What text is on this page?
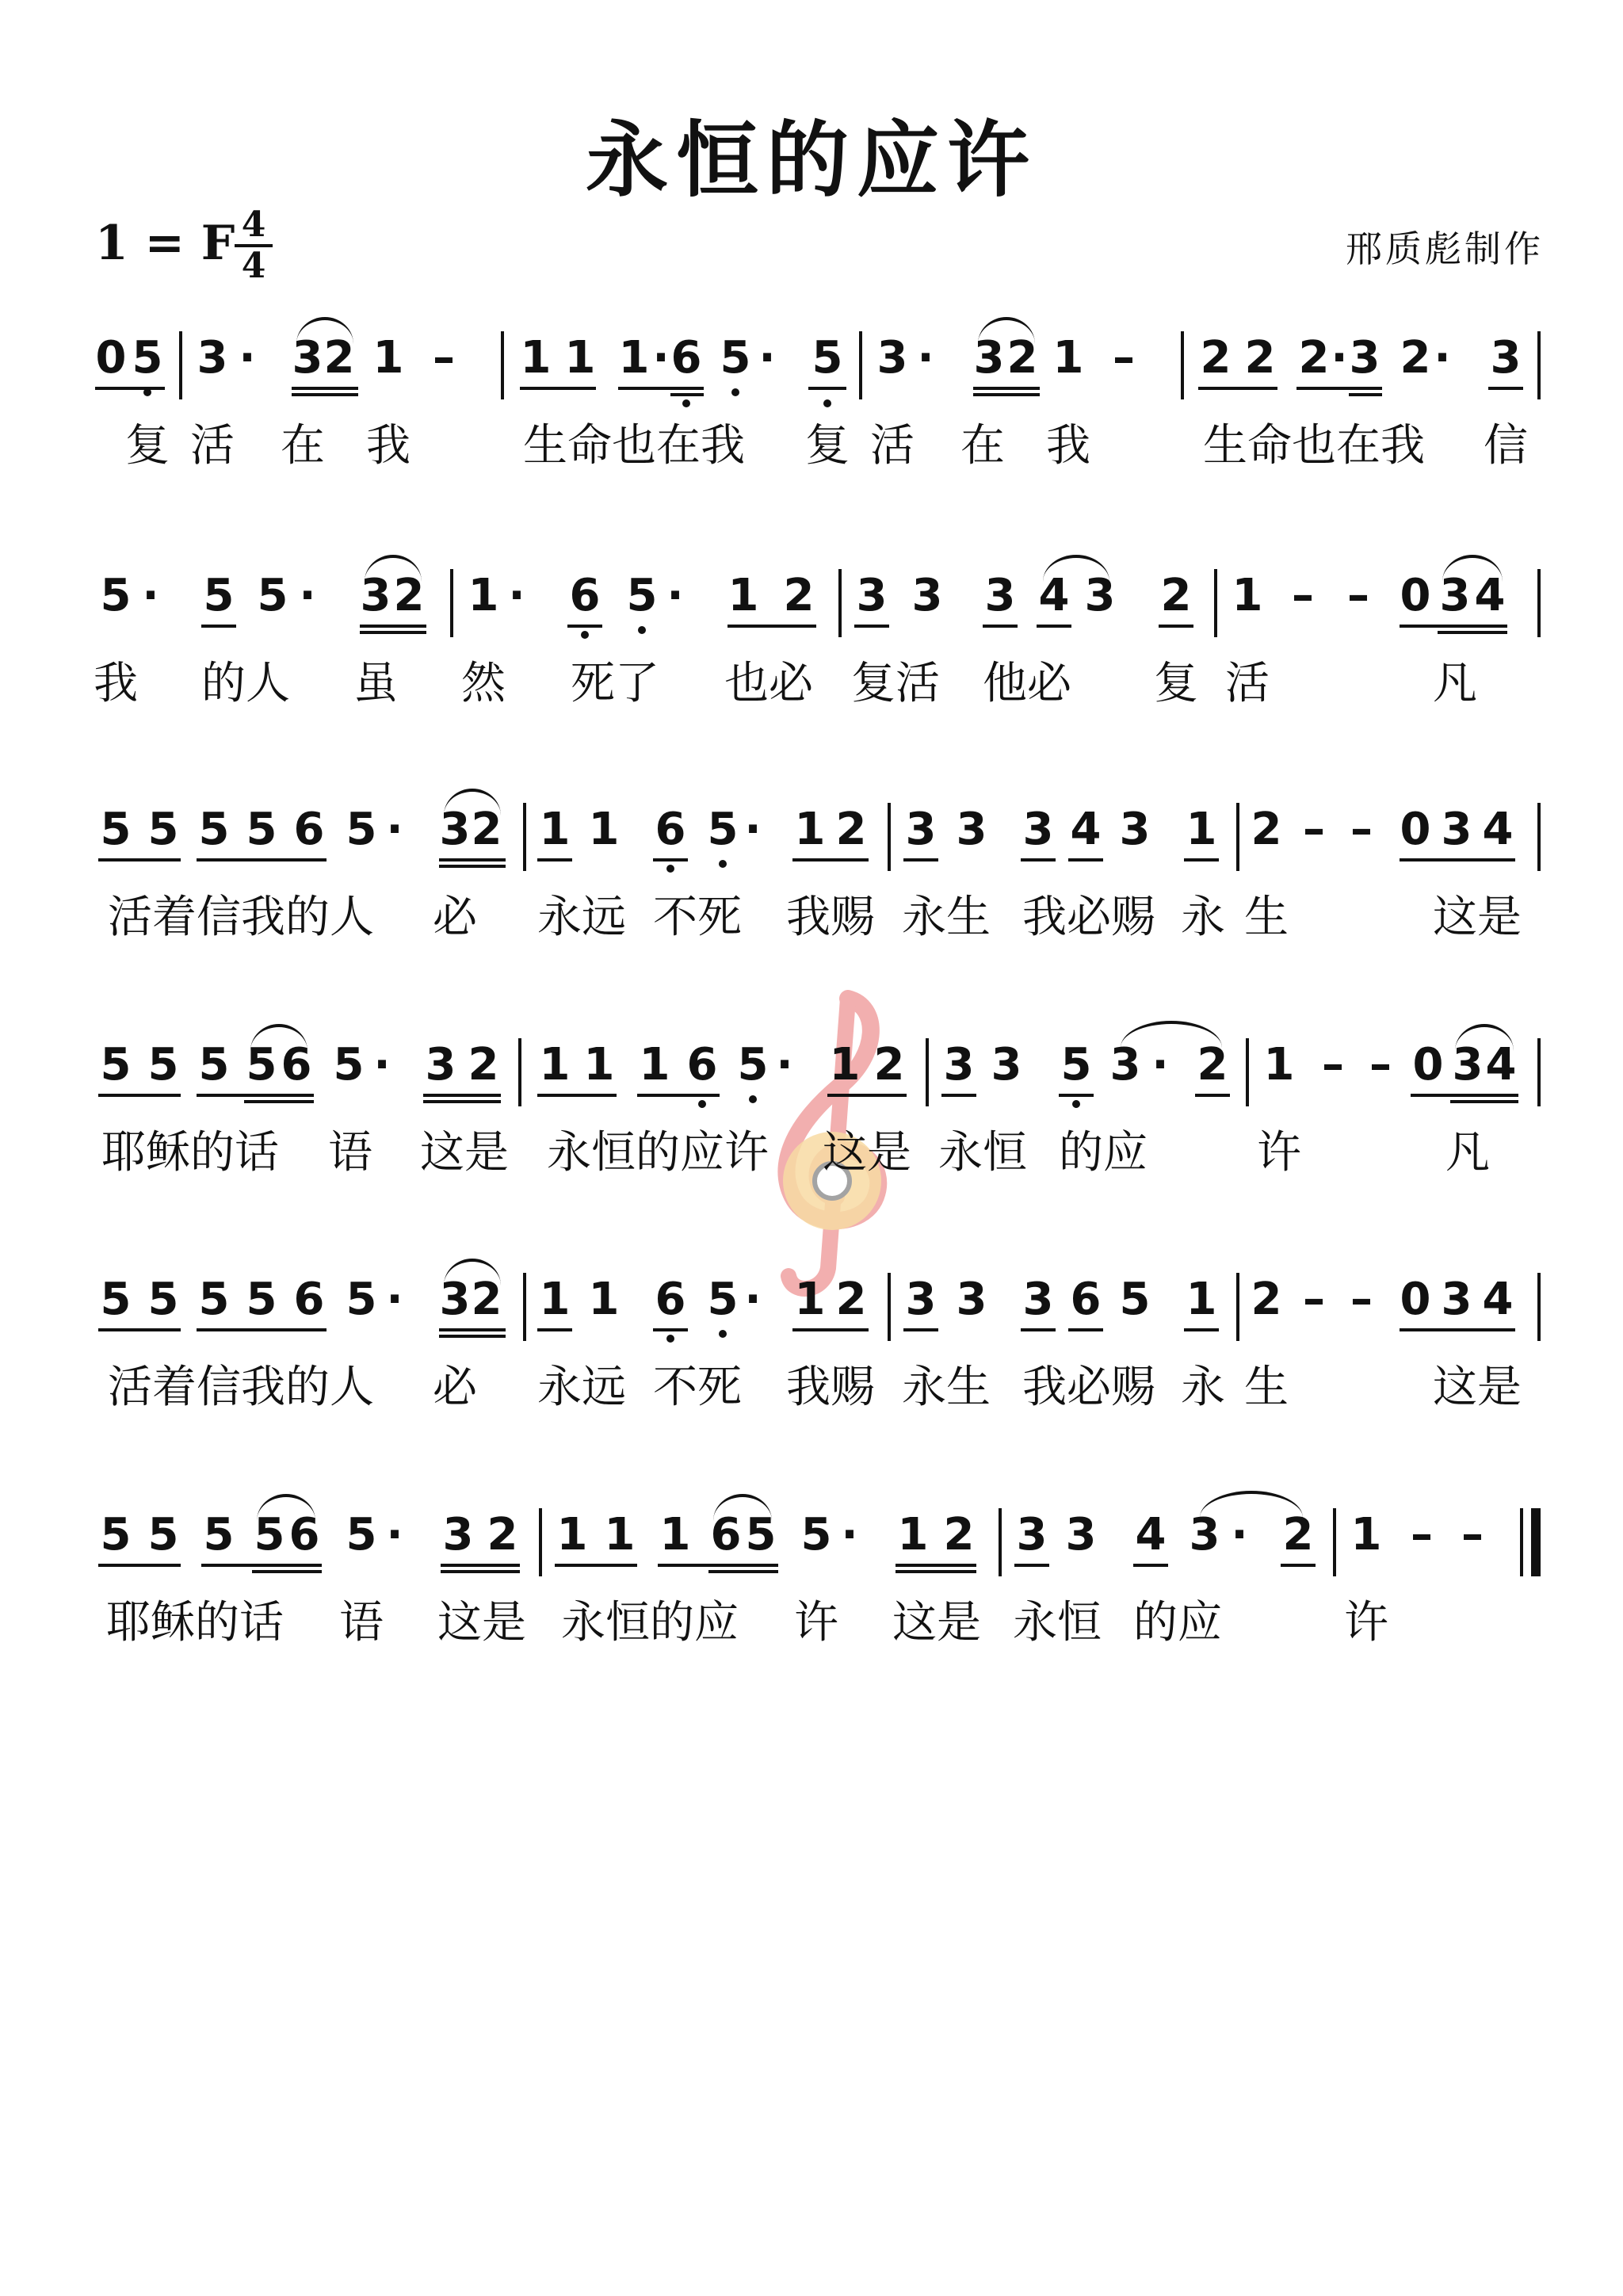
永恒的应许
1 = F 4
4	邢质彪制作
0 5 3 · 3 2 1 – 1 1 1 · 6 5 · 5 3 · 3 2 1 – 2 2 2 · 3 2 · 3
复 活 在 我	生命也在我 复 活 在 我	生命也在我 信
5 · 5 5 · 3 2 1 · 6 5 · 1 2 3 3 3 4 3 2 1 – – 0 3 4
我 的人 虽 然 死了 也必 复活 他必 复 活	凡
5 5 5 5 6 5 · 3 2 1 1 6 5 · 1 2 3 3 3 4 3 1 2 – – 0 3 4
活着信我的人 必 永远 不死 我赐 永生 我必赐 永 生	这是
5 5 5 5 6 5 · 3 2 1 1 1 6 5 · 1 2 3 3 5 3 · 2 1 – – 0 3 4
耶稣的话 语 这是 永恒的应许 这是 永恒 的应 许	凡
5 5 5 5 6 5 · 3 2 1 1 6 5 · 1 2 3 3 3 6 5 1 2 – – 0 3 4
活着信我的人 必 永远 不死 我赐 永生 我必赐 永 生	这是
5 5 5 5 6 5 · 3 2 1 1 1 6 5 5 · 1 2 3 3 4 3 · 2 1 – –
耶稣的话 语 这是 永恒的应 许 这是 永恒 的应	许
